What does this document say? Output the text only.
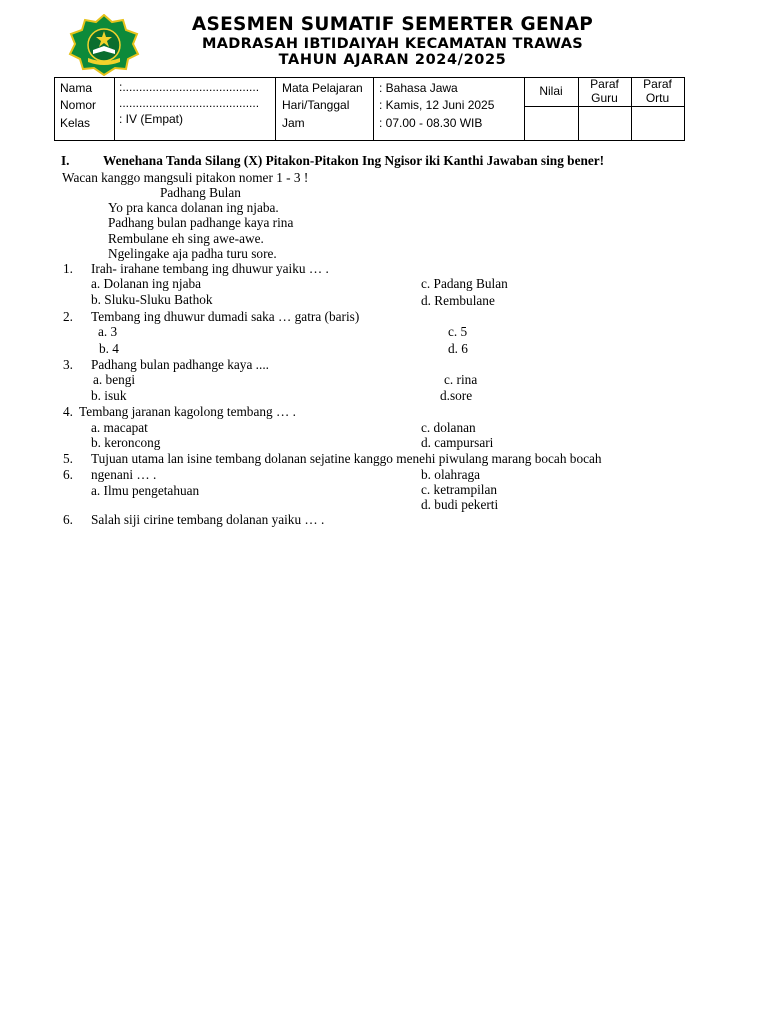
ASESMEN SUMATIF SEMERTER GENAP
MADRASAH IBTIDAIYAH KECAMATAN TRAWAS
TAHUN AJARAN 2024/2025
Nama
Nomor
Kelas
:.........................................
..........................................
: IV (Empat)
Mata Pelajaran
Hari/Tanggal
Jam
: Bahasa Jawa
: Kamis, 12 Juni 2025
: 07.00 - 08.30 WIB
Nilai	Paraf
Guru
Paraf
Ortu
I.	Wenehana Tanda Silang (X) Pitakon-Pitakon Ing Ngisor iki Kanthi Jawaban sing bener!
Wacan kanggo mangsuli pitakon nomer 1 - 3 !
Padhang Bulan
Yo pra kanca dolanan ing njaba.
Padhang bulan padhange kaya rina
Rembulane eh sing awe-awe.
Ngelingake aja padha turu sore.
1. Irah- irahane tembang ing dhuwur yaiku … .
a. Dolanan ing njaba
b. Sluku-Sluku Bathok
c. Padang Bulan
d. Rembulane
2. Tembang ing dhuwur dumadi saka … gatra (baris)
a. 3
b. 4
c. 5
d. 6
3. Padhang bulan padhange kaya ....
a. bengi
b. isuk
c. rina
d.sore
4. Tembang jaranan kagolong tembang … .
a. macapat
b. keroncong
c. dolanan
d. campursari
5. Tujuan utama lan isine tembang dolanan sejatine kanggo menehi piwulang marang bocah bocah
6. ngenani … .
a. Ilmu pengetahuan
b. olahraga
c. ketrampilan
d. budi pekerti
6. Salah siji cirine tembang dolanan yaiku … .
